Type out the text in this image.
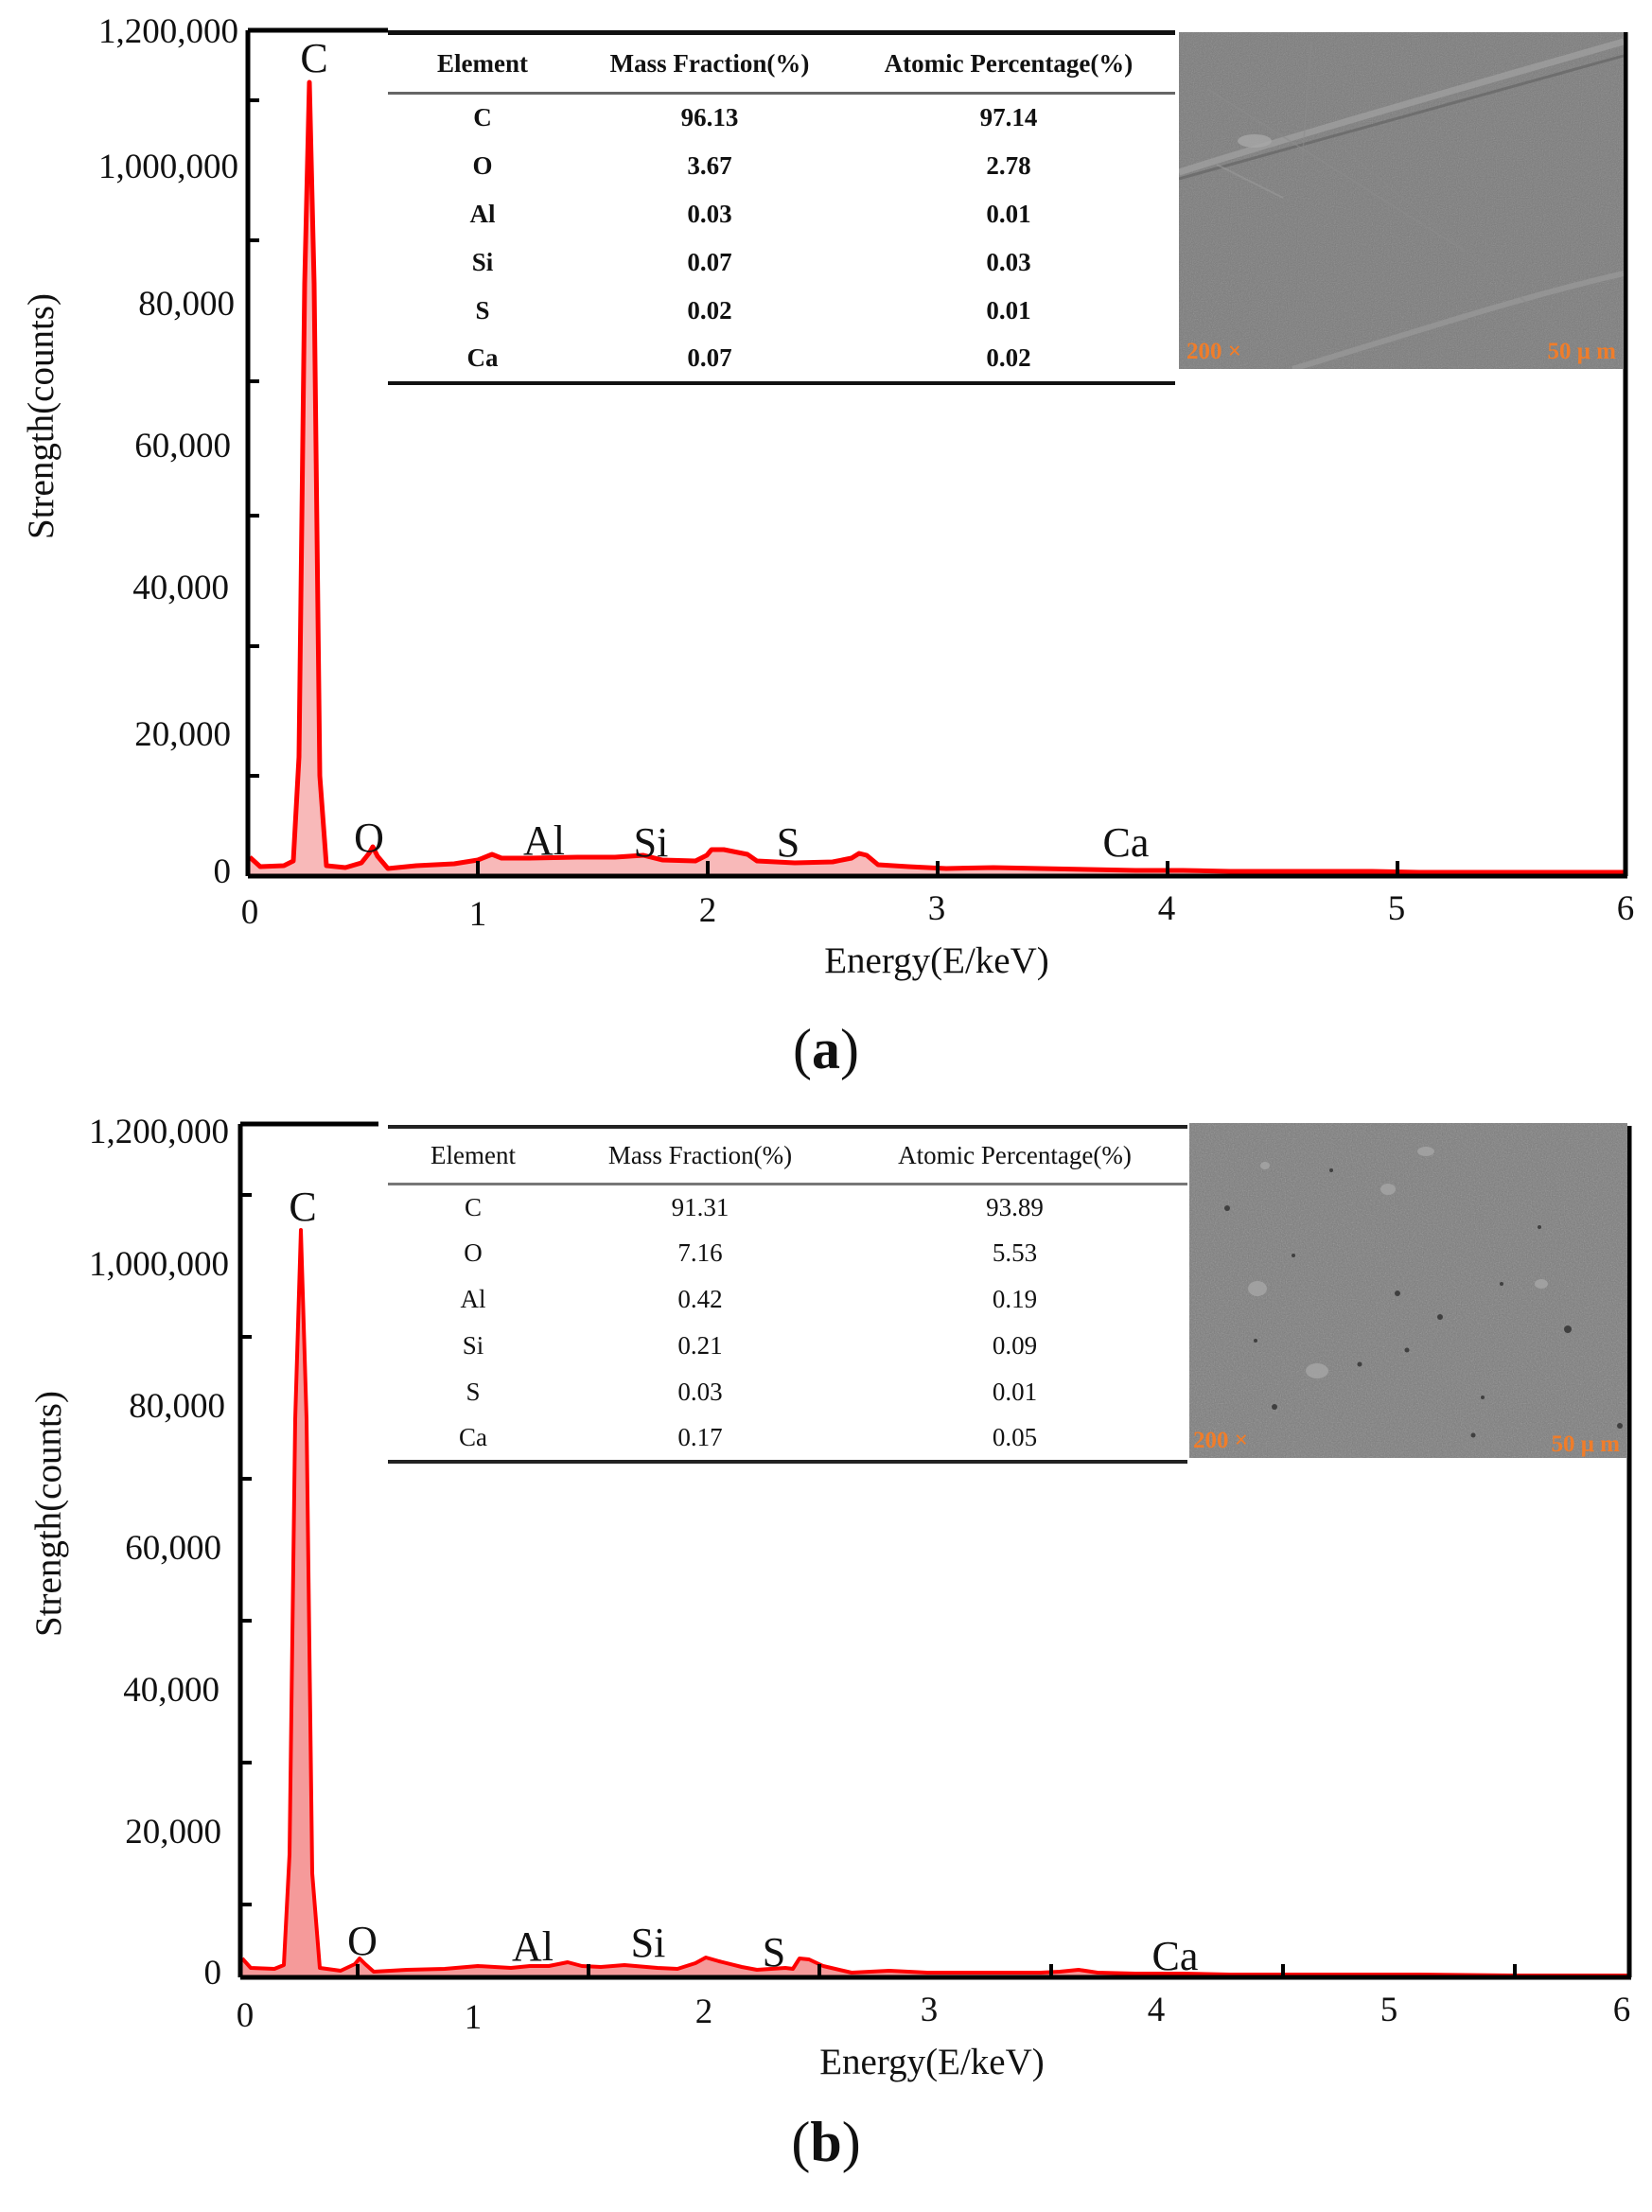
1,200,000
1,000,000
80,000
60,000
40,000
20,000
0
0	1	2	3	4	5	6
Energy(E/keV)
Strength(counts)
C
O	Al Si	S	Ca
Element	Mass Fraction(%)	Atomic Percentage(%)
C	96.13	97.14
O	3.67	2.78
Al	0.03	0.01
Si	0.07	0.03
S	0.02	0.01
Ca	0.07	0.02	200 ×	50 μ m
(a)
1,200,000
1,000,000
80,000
60,000
40,000
20,000
0
0	1	2	3	4	5	6
Energy(E/keV)
Strength(counts)
C
O	Al Si S	Ca
Element	Mass Fraction(%)	Atomic Percentage(%)
C	91.31	93.89
O	7.16	5.53
Al	0.42	0.19
Si	0.21	0.09
S	0.03	0.01
Ca	0.17	0.05	200 ×	50 μ m
(b)
